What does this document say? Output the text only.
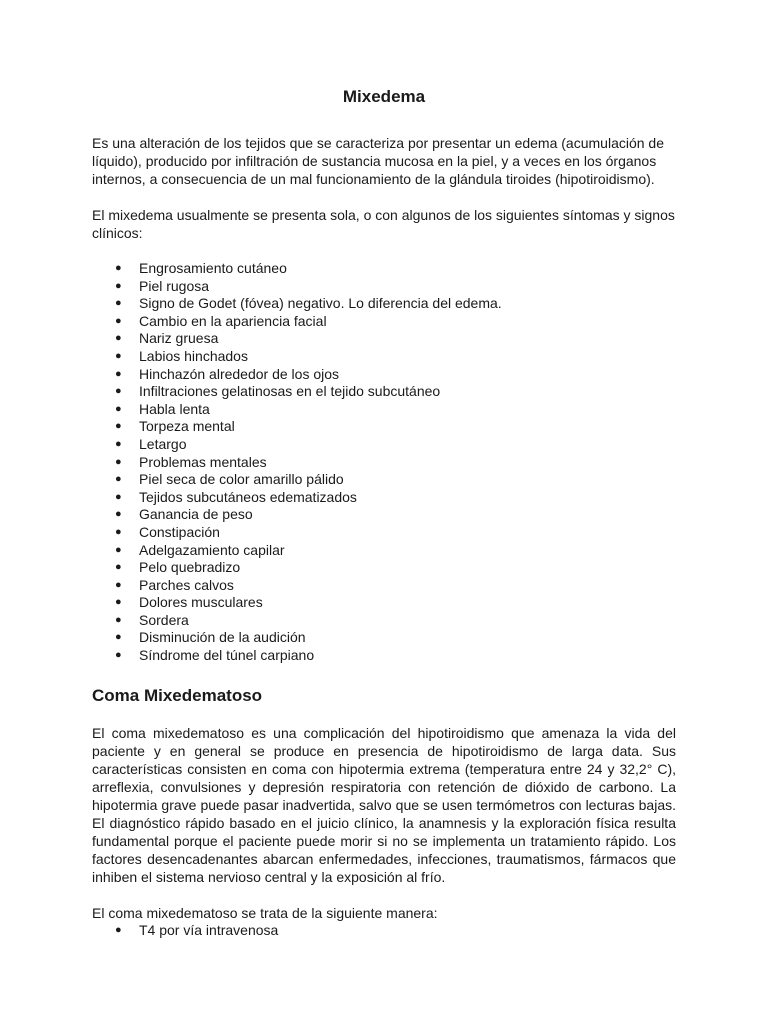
Mixedema

Es una alteración de los tejidos que se caracteriza por presentar un edema (acumulación de líquido), producido por infiltración de sustancia mucosa en la piel, y a veces en los órganos internos, a consecuencia de un mal funcionamiento de la glándula tiroides (hipotiroidismo).

El mixedema usualmente se presenta sola, o con algunos de los siguientes síntomas y signos clínicos:

● Engrosamiento cutáneo
● Piel rugosa
● Signo de Godet (fóvea) negativo. Lo diferencia del edema.
● Cambio en la apariencia facial
● Nariz gruesa
● Labios hinchados
● Hinchazón alrededor de los ojos
● Infiltraciones gelatinosas en el tejido subcutáneo
● Habla lenta
● Torpeza mental
● Letargo
● Problemas mentales
● Piel seca de color amarillo pálido
● Tejidos subcutáneos edematizados
● Ganancia de peso
● Constipación
● Adelgazamiento capilar
● Pelo quebradizo
● Parches calvos
● Dolores musculares
● Sordera
● Disminución de la audición
● Síndrome del túnel carpiano
Coma Mixedematoso

El coma mixedematoso es una complicación del hipotiroidismo que amenaza la vida del paciente y en general se produce en presencia de hipotiroidismo de larga data. Sus características consisten en coma con hipotermia extrema (temperatura entre 24 y 32,2° C), arreflexia, convulsiones y depresión respiratoria con retención de dióxido de carbono. La hipotermia grave puede pasar inadvertida, salvo que se usen termómetros con lecturas bajas. El diagnóstico rápido basado en el juicio clínico, la anamnesis y la exploración física resulta fundamental porque el paciente puede morir si no se implementa un tratamiento rápido. Los factores desencadenantes abarcan enfermedades, infecciones, traumatismos, fármacos que inhiben el sistema nervioso central y la exposición al frío.

El coma mixedematoso se trata de la siguiente manera:

● T4 por vía intravenosa
